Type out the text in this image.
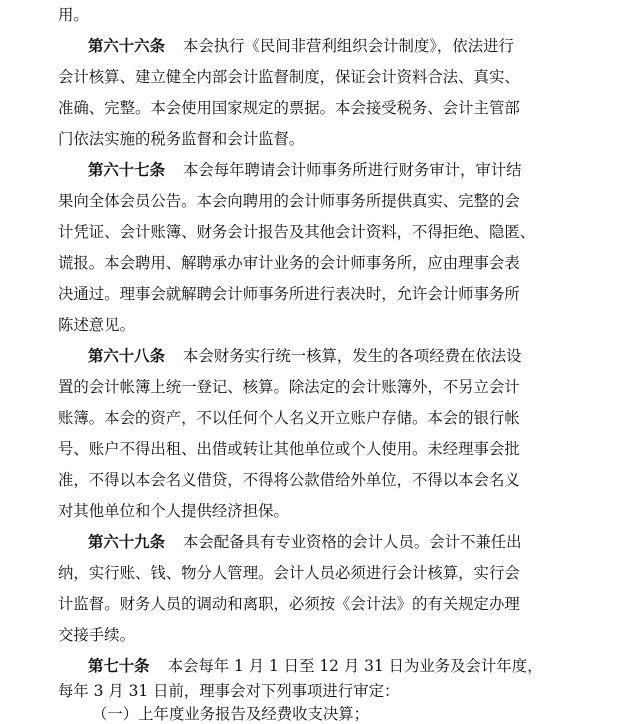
用。
第六十六条 本会执行《民间非营利组织会计制度》，依法进行
会计核算、建立健全内部会计监督制度，保证会计资料合法、真实、
准确、完整。本会使用国家规定的票据。本会接受税务、会计主管部
门依法实施的税务监督和会计监督。
第六十七条 本会每年聘请会计师事务所进行财务审计，审计结
果向全体会员公告。本会向聘用的会计师事务所提供真实、完整的会
计凭证、会计账簿、财务会计报告及其他会计资料，不得拒绝、隐匿、
谎报。本会聘用、解聘承办审计业务的会计师事务所，应由理事会表
决通过。理事会就解聘会计师事务所进行表决时，允许会计师事务所
陈述意见。
第六十八条 本会财务实行统一核算，发生的各项经费在依法设
置的会计帐簿上统一登记、核算。除法定的会计账簿外，不另立会计
账簿。本会的资产，不以任何个人名义开立账户存储。本会的银行帐
号、账户不得出租、出借或转让其他单位或个人使用。未经理事会批
准，不得以本会名义借贷，不得将公款借给外单位，不得以本会名义
对其他单位和个人提供经济担保。
第六十九条 本会配备具有专业资格的会计人员。会计不兼任出
纳，实行账、钱、物分人管理。会计人员必须进行会计核算，实行会
计监督。财务人员的调动和离职，必须按《会计法》的有关规定办理
交接手续。
第七十条 本会每年 1 月 1 日至 12 月 31 日为业务及会计年度，
每年 3 月 31 日前，理事会对下列事项进行审定：
（一）上年度业务报告及经费收支决算；
